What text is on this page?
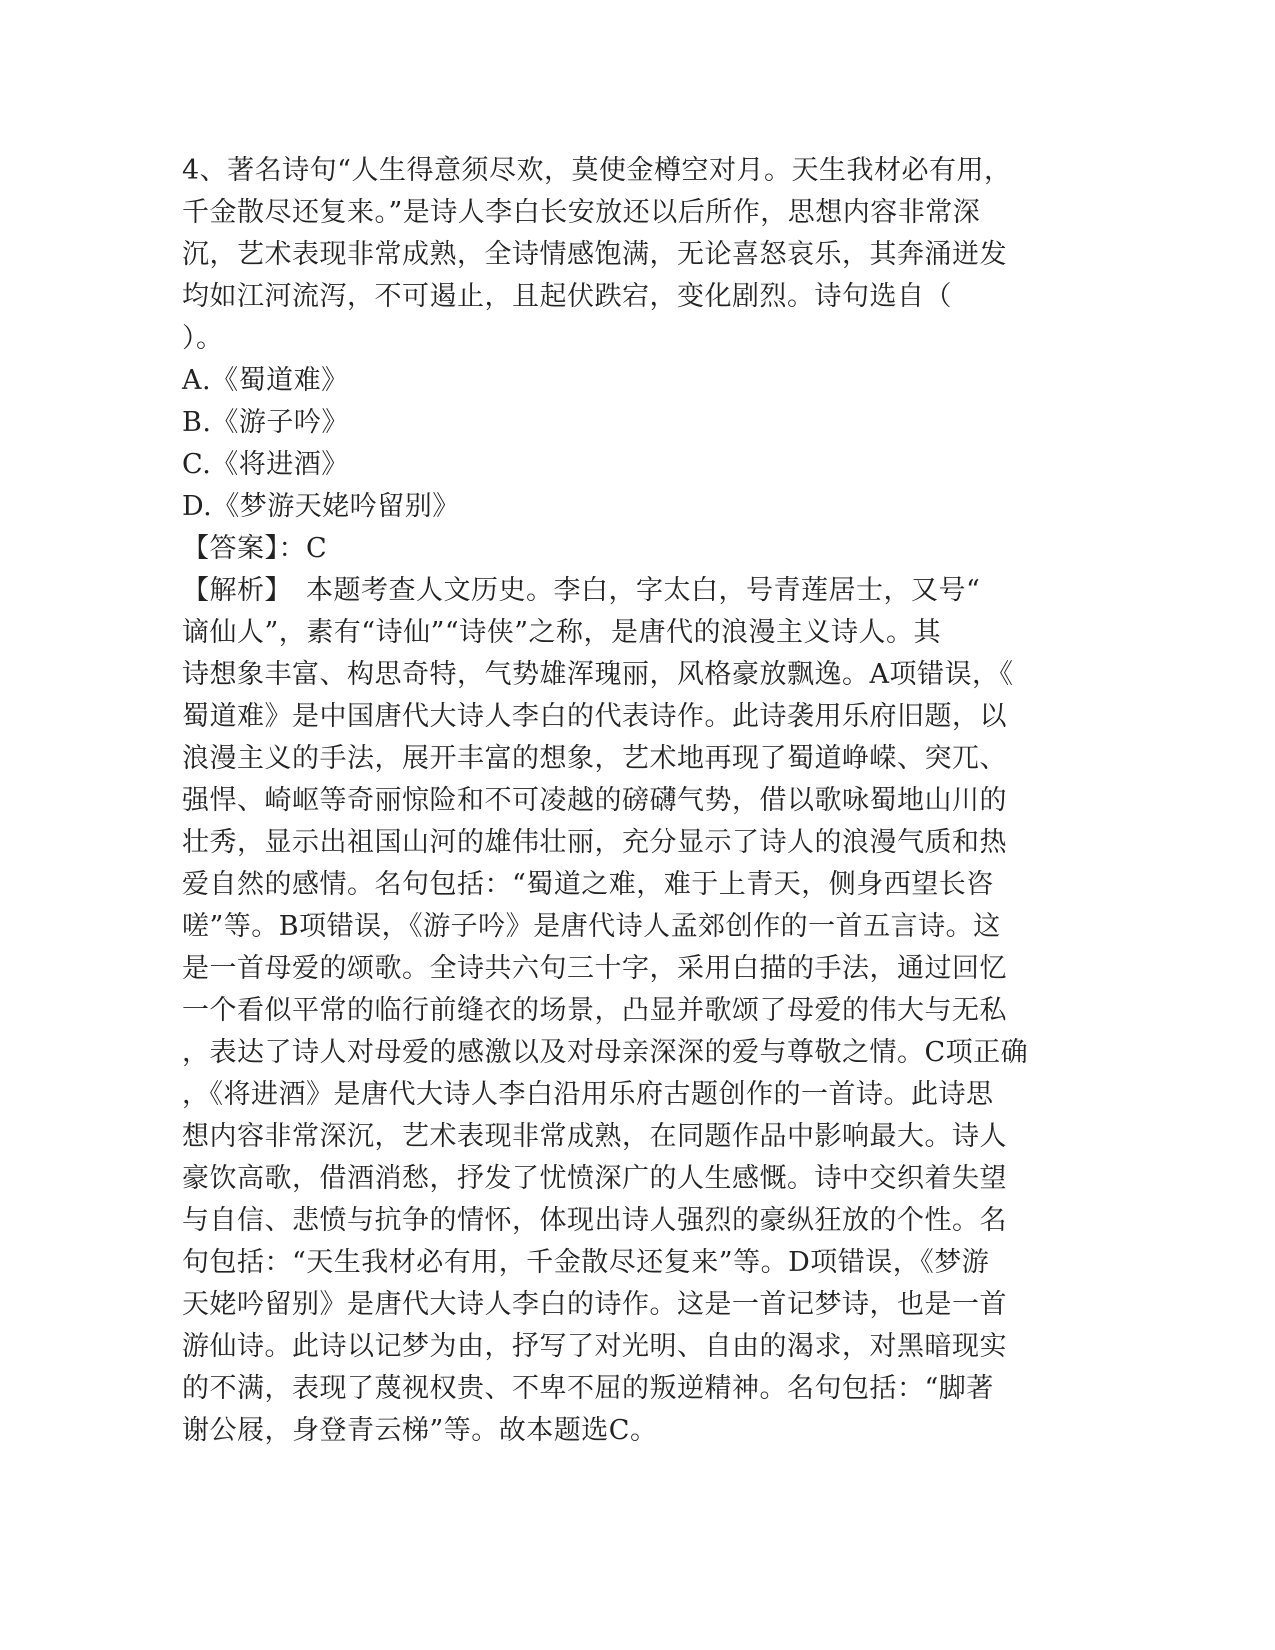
4、著名诗句“人生得意须尽欢，莫使金樽空对月。天生我材必有用，
千金散尽还复来。”是诗人李白长安放还以后所作，思想内容非常深
沉，艺术表现非常成熟，全诗情感饱满，无论喜怒哀乐，其奔涌迸发
均如江河流泻，不可遏止，且起伏跌宕，变化剧烈。诗句选自（
）。
A.《蜀道难》
B.《游子吟》
C.《将进酒》
D.《梦游天姥吟留别》
【答案】：C
【解析】　本题考查人文历史。李白，字太白，号青莲居士，又号“
谪仙人”，素有“诗仙”“诗侠”之称，是唐代的浪漫主义诗人。其
诗想象丰富、构思奇特，气势雄浑瑰丽，风格豪放飘逸。A项错误，《
蜀道难》是中国唐代大诗人李白的代表诗作。此诗袭用乐府旧题，以
浪漫主义的手法，展开丰富的想象，艺术地再现了蜀道峥嵘、突兀、
强悍、崎岖等奇丽惊险和不可凌越的磅礴气势，借以歌咏蜀地山川的
壮秀，显示出祖国山河的雄伟壮丽，充分显示了诗人的浪漫气质和热
爱自然的感情。名句包括：“蜀道之难，难于上青天，侧身西望长咨
嗟”等。B项错误，《游子吟》是唐代诗人孟郊创作的一首五言诗。这
是一首母爱的颂歌。全诗共六句三十字，采用白描的手法，通过回忆
一个看似平常的临行前缝衣的场景，凸显并歌颂了母爱的伟大与无私
，表达了诗人对母爱的感激以及对母亲深深的爱与尊敬之情。C项正确
，《将进酒》是唐代大诗人李白沿用乐府古题创作的一首诗。此诗思
想内容非常深沉，艺术表现非常成熟，在同题作品中影响最大。诗人
豪饮高歌，借酒消愁，抒发了忧愤深广的人生感慨。诗中交织着失望
与自信、悲愤与抗争的情怀，体现出诗人强烈的豪纵狂放的个性。名
句包括：“天生我材必有用，千金散尽还复来”等。D项错误，《梦游
天姥吟留别》是唐代大诗人李白的诗作。这是一首记梦诗，也是一首
游仙诗。此诗以记梦为由，抒写了对光明、自由的渴求，对黑暗现实
的不满，表现了蔑视权贵、不卑不屈的叛逆精神。名句包括：“脚著
谢公屐，身登青云梯”等。故本题选C。
